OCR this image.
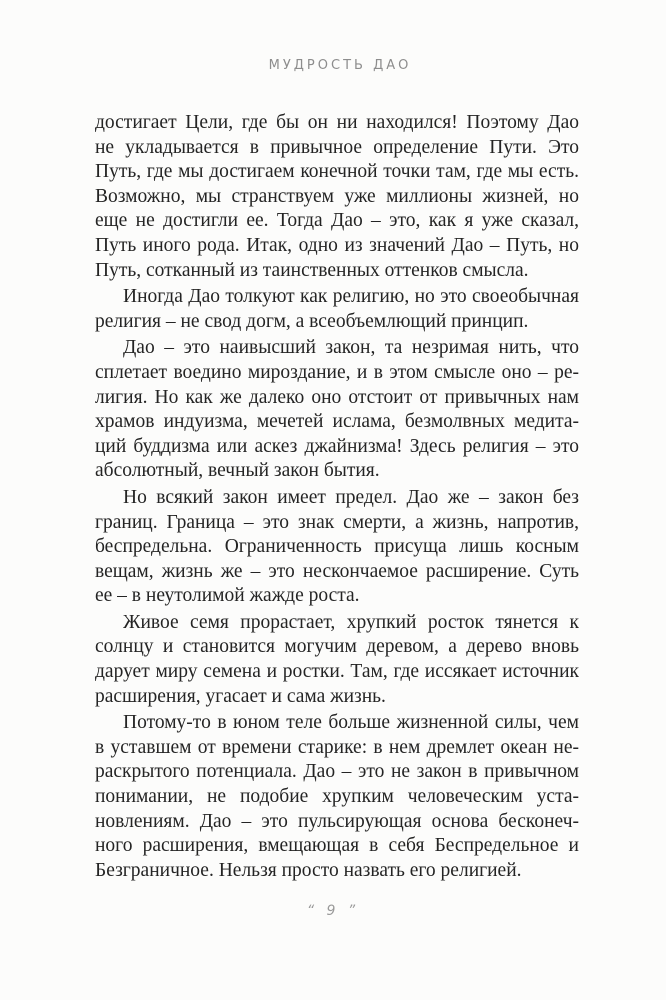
МУДРОСТЬ ДАО
достигает Цели, где бы он ни находился! Поэтому Дао
не укладывается в привычное определение Пути. Это
Путь, где мы достигаем конечной точки там, где мы есть.
Возможно, мы странствуем уже миллионы жизней, но
еще не достигли ее. Тогда Дао – это, как я уже сказал,
Путь иного рода. Итак, одно из значений Дао – Путь, но
Путь, сотканный из таинственных оттенков смысла.
Иногда Дао толкуют как религию, но это своеобычная
религия – не свод догм, а всеобъемлющий принцип.
Дао – это наивысший закон, та незримая нить, что
сплетает воедино мироздание, и в этом смысле оно – ре-
лигия. Но как же далеко оно отстоит от привычных нам
храмов индуизма, мечетей ислама, безмолвных медита-
ций буддизма или аскез джайнизма! Здесь религия – это
абсолютный, вечный закон бытия.
Но всякий закон имеет предел. Дао же – закон без
границ. Граница – это знак смерти, а жизнь, напротив,
беспредельна. Ограниченность присуща лишь косным
вещам, жизнь же – это нескончаемое расширение. Суть
ее – в неутолимой жажде роста.
Живое семя прорастает, хрупкий росток тянется к
солнцу и становится могучим деревом, а дерево вновь
дарует миру семена и ростки. Там, где иссякает источник
расширения, угасает и сама жизнь.
Потому-то в юном теле больше жизненной силы, чем
в уставшем от времени старике: в нем дремлет океан не-
раскрытого потенциала. Дао – это не закон в привычном
понимании, не подобие хрупким человеческим уста-
новлениям. Дао – это пульсирующая основа бесконеч-
ного расширения, вмещающая в себя Беспредельное и
Безграничное. Нельзя просто назвать его религией.
“ 9 ”
